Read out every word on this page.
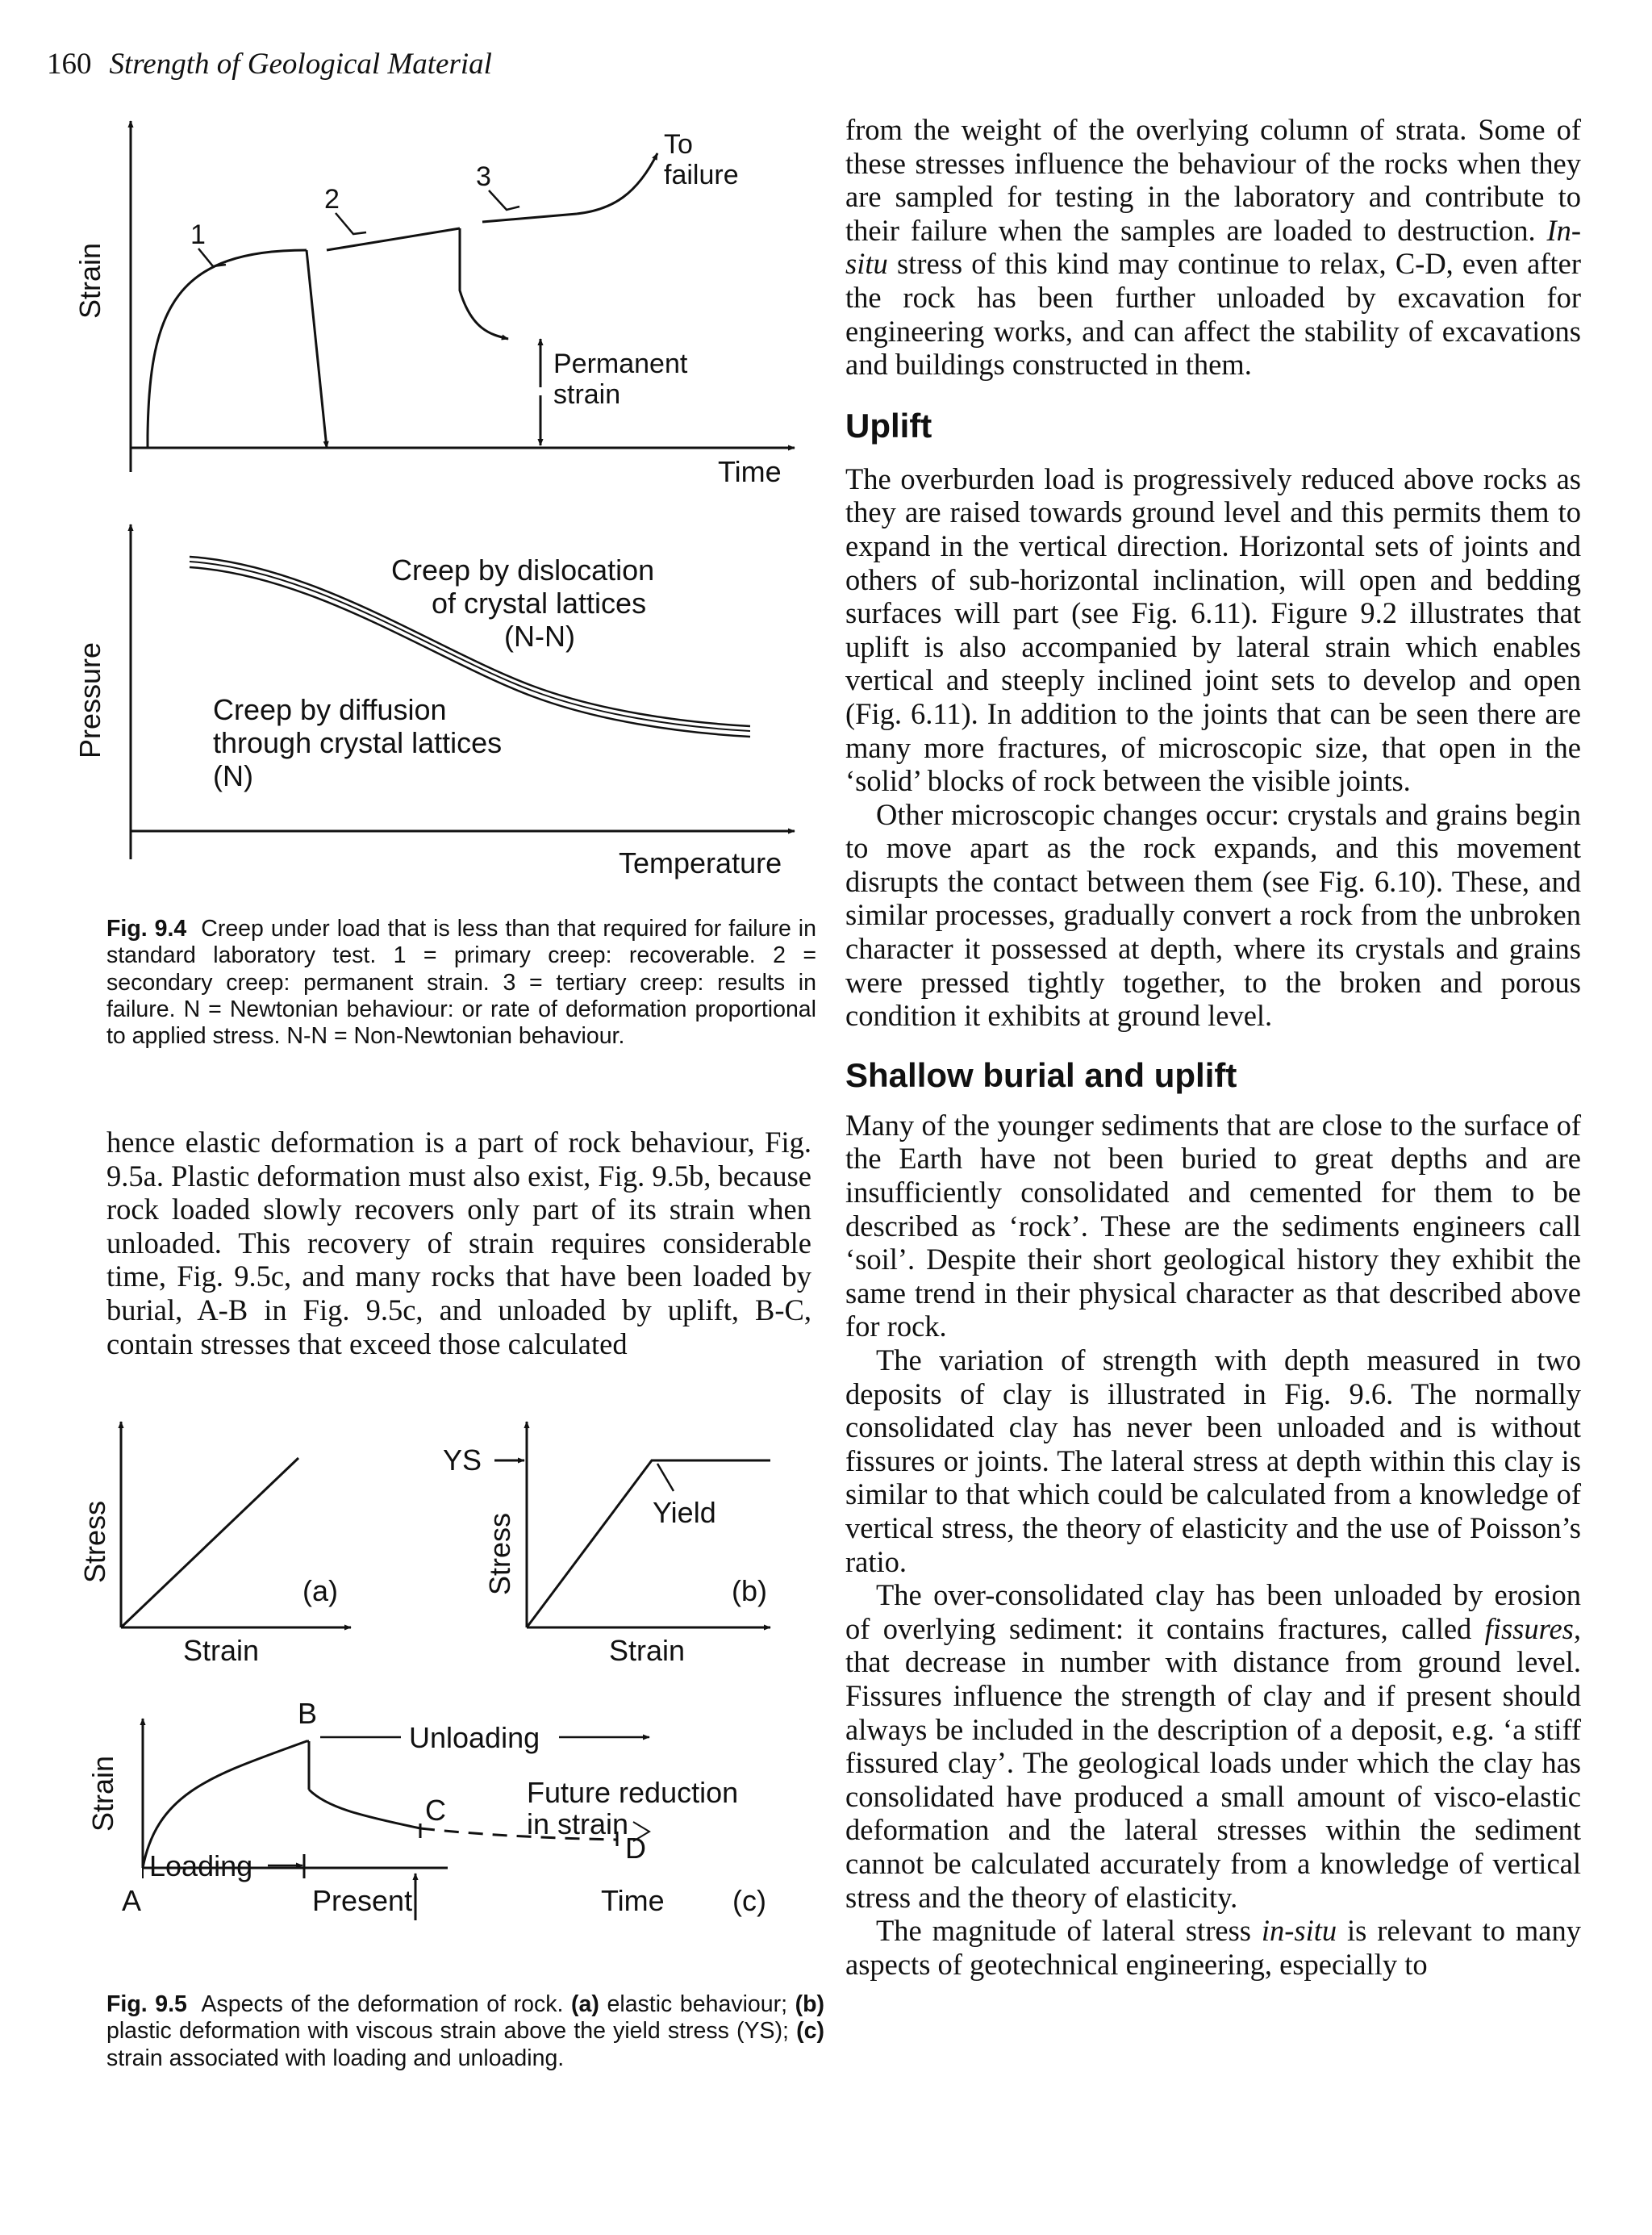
160 Strength of Geological Material
Strain
Time
1
2
3
To
failure
Permanent
strain
Pressure
Temperature
Creep by dislocation
of crystal lattices
(N-N)
Creep by diffusion
through crystal lattices
(N)
Fig. 9.4 Creep under load that is less than that required for failure in standard laboratory test. 1 = primary creep: recoverable. 2 = secondary creep: permanent strain. 3 = tertiary creep: results in failure. N = Newtonian behaviour: or rate of deformation proportional to applied stress. N-N = Non-Newtonian behaviour.

hence elastic deformation is a part of rock behaviour, Fig. 9.5a. Plastic deformation must also exist, Fig. 9.5b, because rock loaded slowly recovers only part of its strain when unloaded. This recovery of strain requires considerable time, Fig. 9.5c, and many rocks that have been loaded by burial, A-B in Fig. 9.5c, and unloaded by uplift, B-C, contain stresses that exceed those calculated

Stress
Strain
(a)
YS
Yield
Stress
Strain
(b)
Unloading
Future reduction
in strain
Loading
Strain
A
B
C
D
Present	Time (c)
Fig. 9.5 Aspects of the deformation of rock. (a) elastic behaviour; (b) plastic deformation with viscous strain above the yield stress (YS); (c) strain associated with loading and unloading.

from the weight of the overlying column of strata. Some of these stresses influence the behaviour of the rocks when they are sampled for testing in the laboratory and contribute to their failure when the samples are loaded to destruction. In-situ stress of this kind may continue to relax, C-D, even after the rock has been further unloaded by excavation for engineering works, and can affect the stability of excavations and buildings constructed in them.

Uplift

The overburden load is progressively reduced above rocks as they are raised towards ground level and this permits them to expand in the vertical direction. Horizontal sets of joints and others of sub-horizontal inclination, will open and bedding surfaces will part (see Fig. 6.11). Figure 9.2 illustrates that uplift is also accompanied by lateral strain which enables vertical and steeply inclined joint sets to develop and open (Fig. 6.11). In addition to the joints that can be seen there are many more fractures, of microscopic size, that open in the ‘solid’ blocks of rock between the visible joints.

Other microscopic changes occur: crystals and grains begin to move apart as the rock expands, and this movement disrupts the contact between them (see Fig. 6.10). These, and similar processes, gradually convert a rock from the unbroken character it possessed at depth, where its crystals and grains were pressed tightly together, to the broken and porous condition it exhibits at ground level.

Shallow burial and uplift

Many of the younger sediments that are close to the surface of the Earth have not been buried to great depths and are insufficiently consolidated and cemented for them to be described as ‘rock’. These are the sediments engineers call ‘soil’. Despite their short geological history they exhibit the same trend in their physical character as that described above for rock.

The variation of strength with depth measured in two deposits of clay is illustrated in Fig. 9.6. The normally consolidated clay has never been unloaded and is without fissures or joints. The lateral stress at depth within this clay is similar to that which could be calculated from a knowledge of vertical stress, the theory of elasticity and the use of Poisson’s ratio.

The over-consolidated clay has been unloaded by erosion of overlying sediment: it contains fractures, called fissures, that decrease in number with distance from ground level. Fissures influence the strength of clay and if present should always be included in the description of a deposit, e.g. ‘a stiff fissured clay’. The geological loads under which the clay has consolidated have produced a small amount of visco-elastic deformation and the lateral stresses within the sediment cannot be calculated accurately from a knowledge of vertical stress and the theory of elasticity.

The magnitude of lateral stress in-situ is relevant to many aspects of geotechnical engineering, especially to
